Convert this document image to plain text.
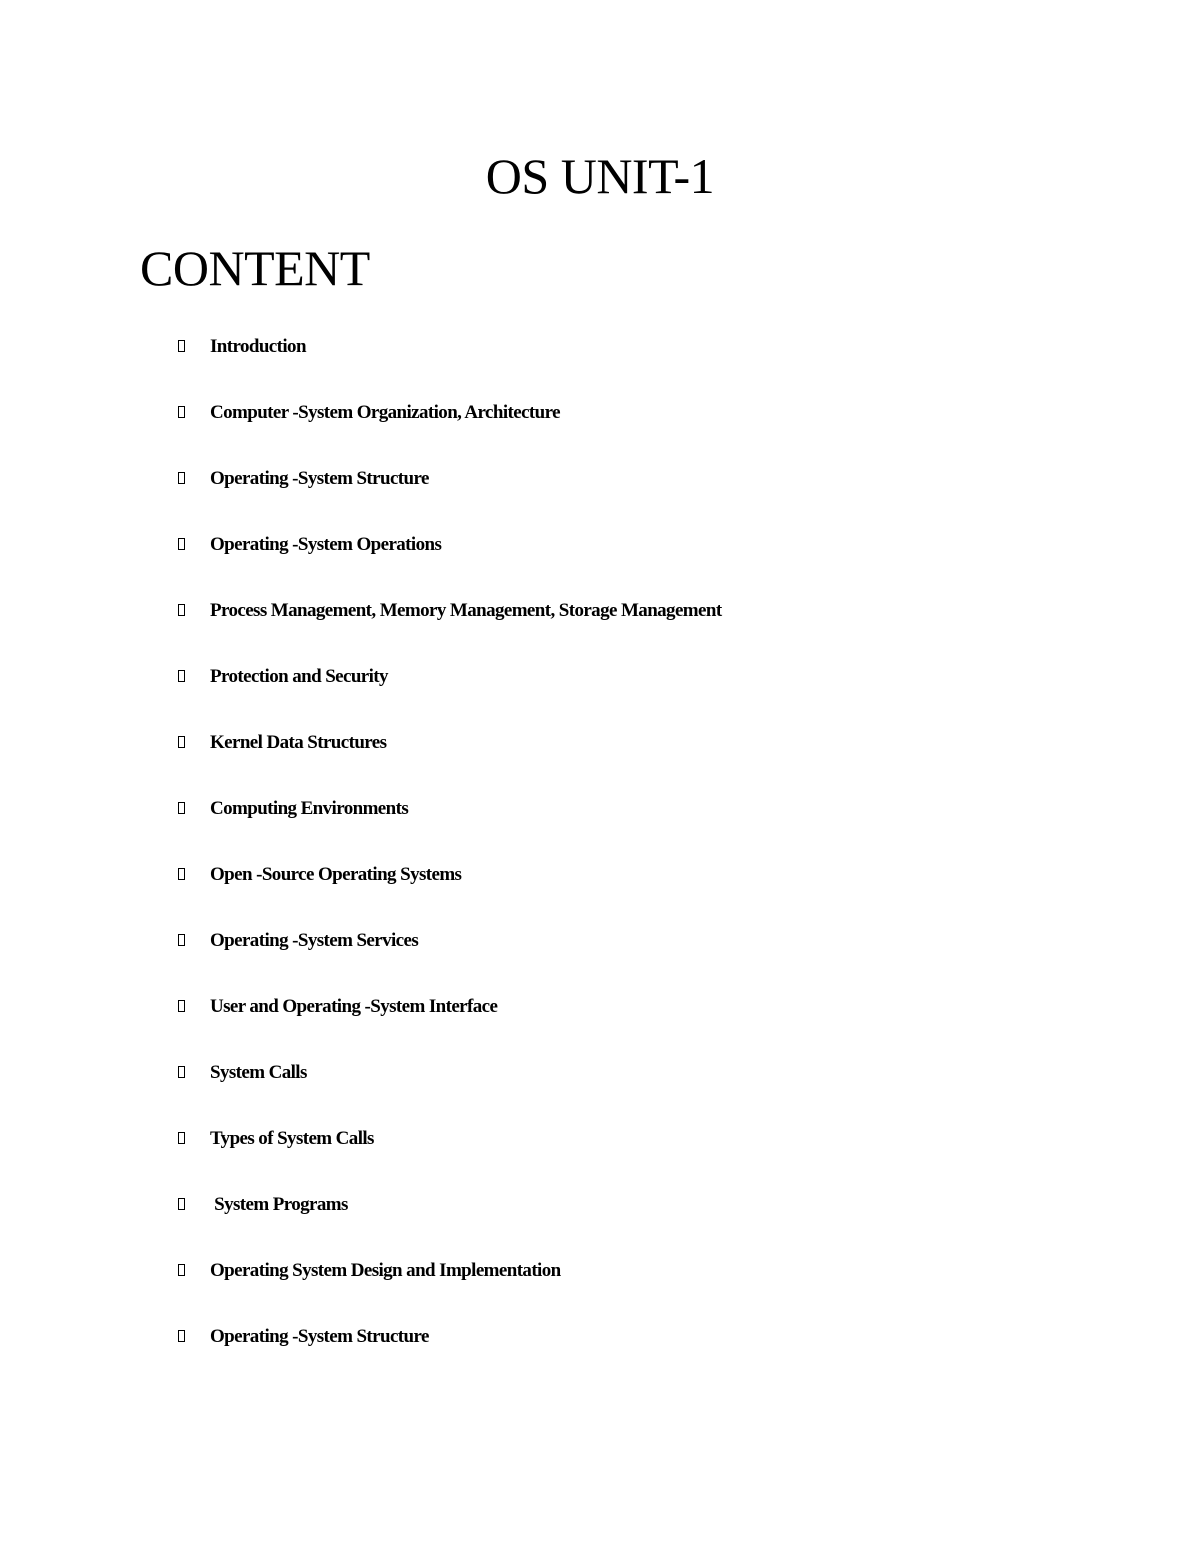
OS UNIT-1
CONTENT
Introduction
Computer -System Organization, Architecture
Operating -System Structure
Operating -System Operations
Process Management, Memory Management, Storage Management
Protection and Security
Kernel Data Structures
Computing Environments
Open -Source Operating Systems
Operating -System Services
User and Operating -System Interface
System Calls
Types of System Calls
System Programs
Operating System Design and Implementation
Operating -System Structure
